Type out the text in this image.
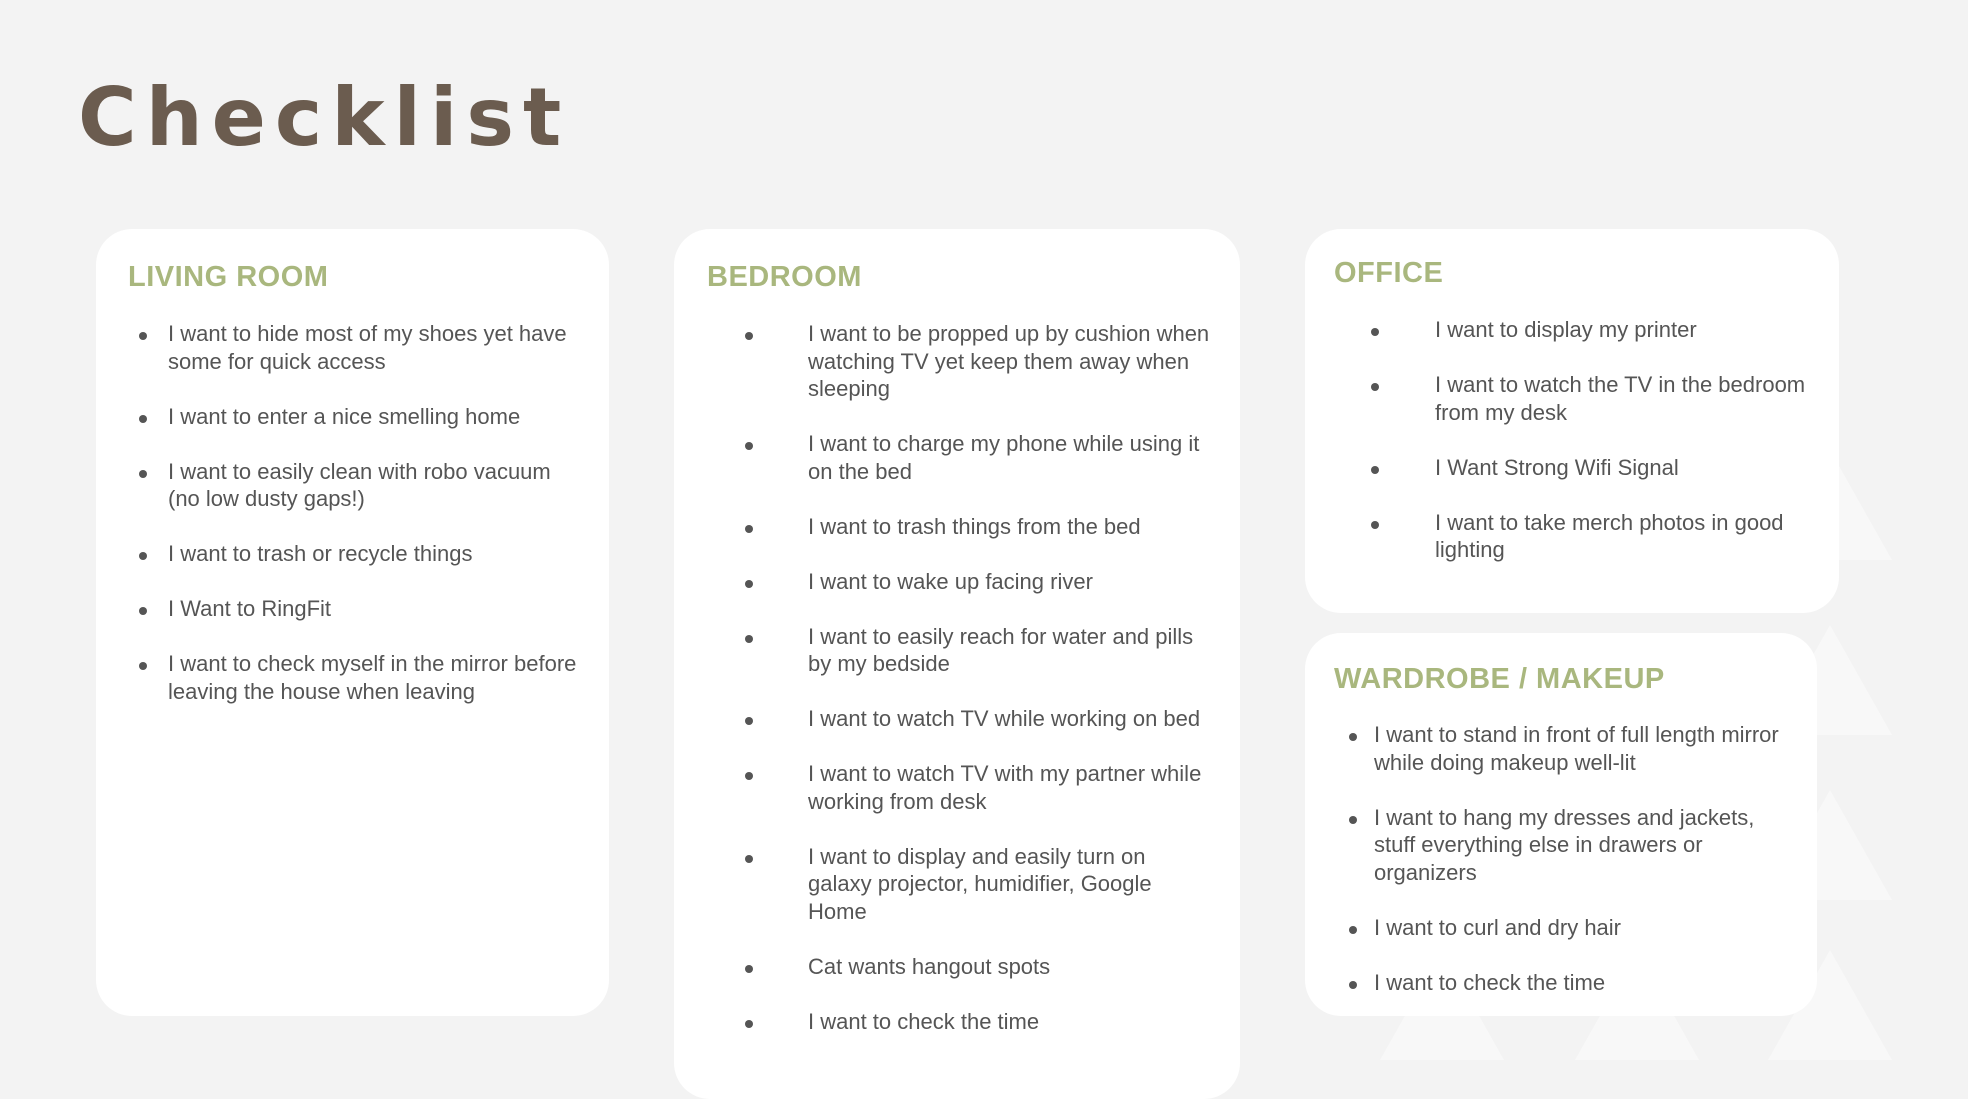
Checklist
LIVING ROOM
I want to hide most of my shoes yet have some for quick access
I want to enter a nice smelling home
I want to easily clean with robo vacuum (no low dusty gaps!)
I want to trash or recycle things
I Want to RingFit
I want to check myself in the mirror before leaving the house when leaving
BEDROOM
I want to be propped up by cushion when watching TV yet keep them away when sleeping
I want to charge my phone while using it on the bed
I want to trash things from the bed
I want to wake up facing river
I want to easily reach for water and pills by my bedside
I want to watch TV while working on bed
I want to watch TV with my partner while working from desk
I want to display and easily turn on galaxy projector, humidifier, Google Home
Cat wants hangout spots
I want to check the time
OFFICE
I want to display my printer
I want to watch the TV in the bedroom from my desk
I Want Strong Wifi Signal
I want to take merch photos in good lighting
WARDROBE / MAKEUP
I want to stand in front of full length mirror while doing makeup well-lit
I want to hang my dresses and jackets, stuff everything else in drawers or organizers
I want to curl and dry hair
I want to check the time
